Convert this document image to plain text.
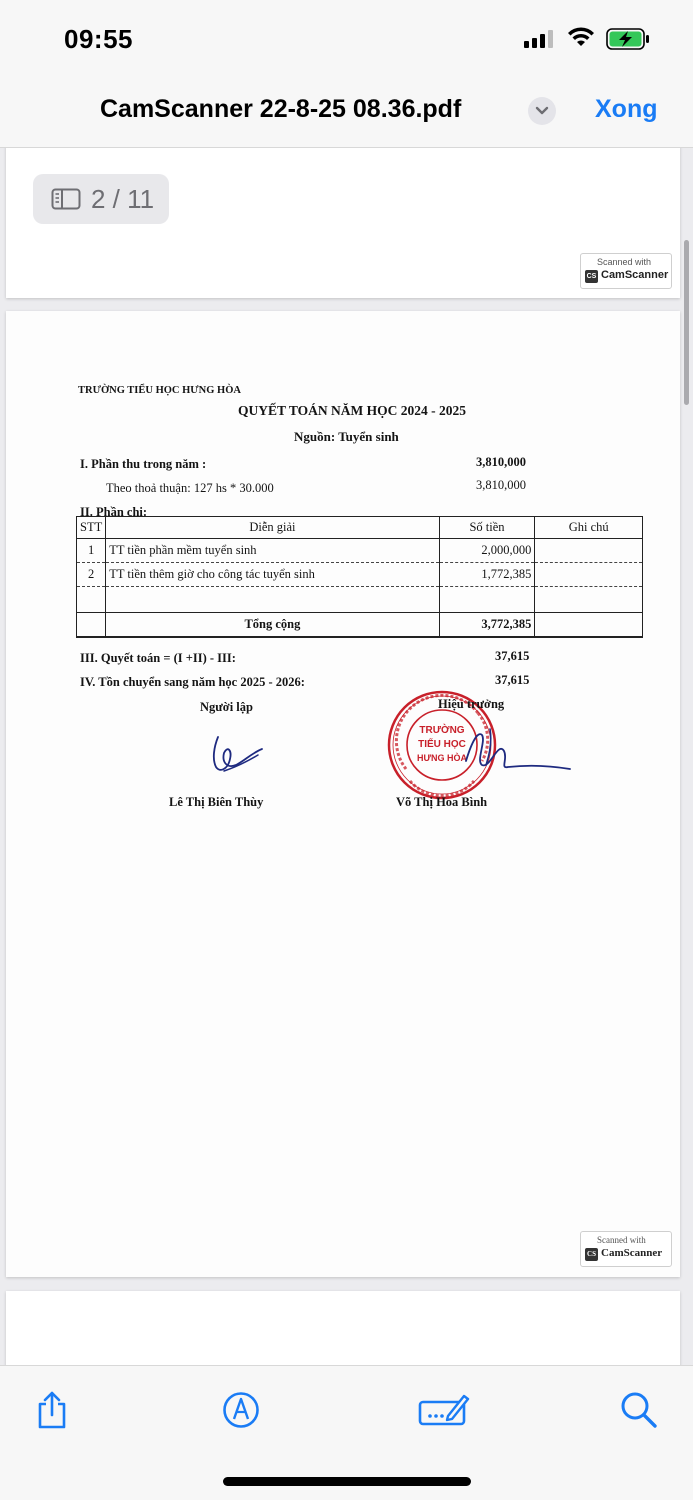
09:55
CamScanner 22-8-25 08.36.pdf	Xong
Scanned with
CS CamScanner
TRƯỜNG TIỂU HỌC HƯNG HÒA
QUYẾT TOÁN NĂM HỌC 2024 - 2025
Nguồn: Tuyển sinh
I. Phần thu trong năm :	3,810,000
Theo thoả thuận: 127 hs * 30.000	3,810,000
II. Phần chi:
STT	Diễn giải	Số tiền	Ghi chú
1	TT tiền phần mềm tuyển sinh	2,000,000	
2	TT tiền thêm giờ cho công tác tuyển sinh	1,772,385	

	Tổng cộng	3,772,385	
III. Quyết toán = (I +II) - III:	37,615
IV. Tồn chuyển sang năm học 2025 - 2026:	37,615
Người lập
TRƯỜNG
TIỂU HỌC
HƯNG HÒA
Hiệu trưởng
Lê Thị Biên Thùy	Võ Thị Hoa Bình
Scanned with
CS CamScanner
2 / 11
